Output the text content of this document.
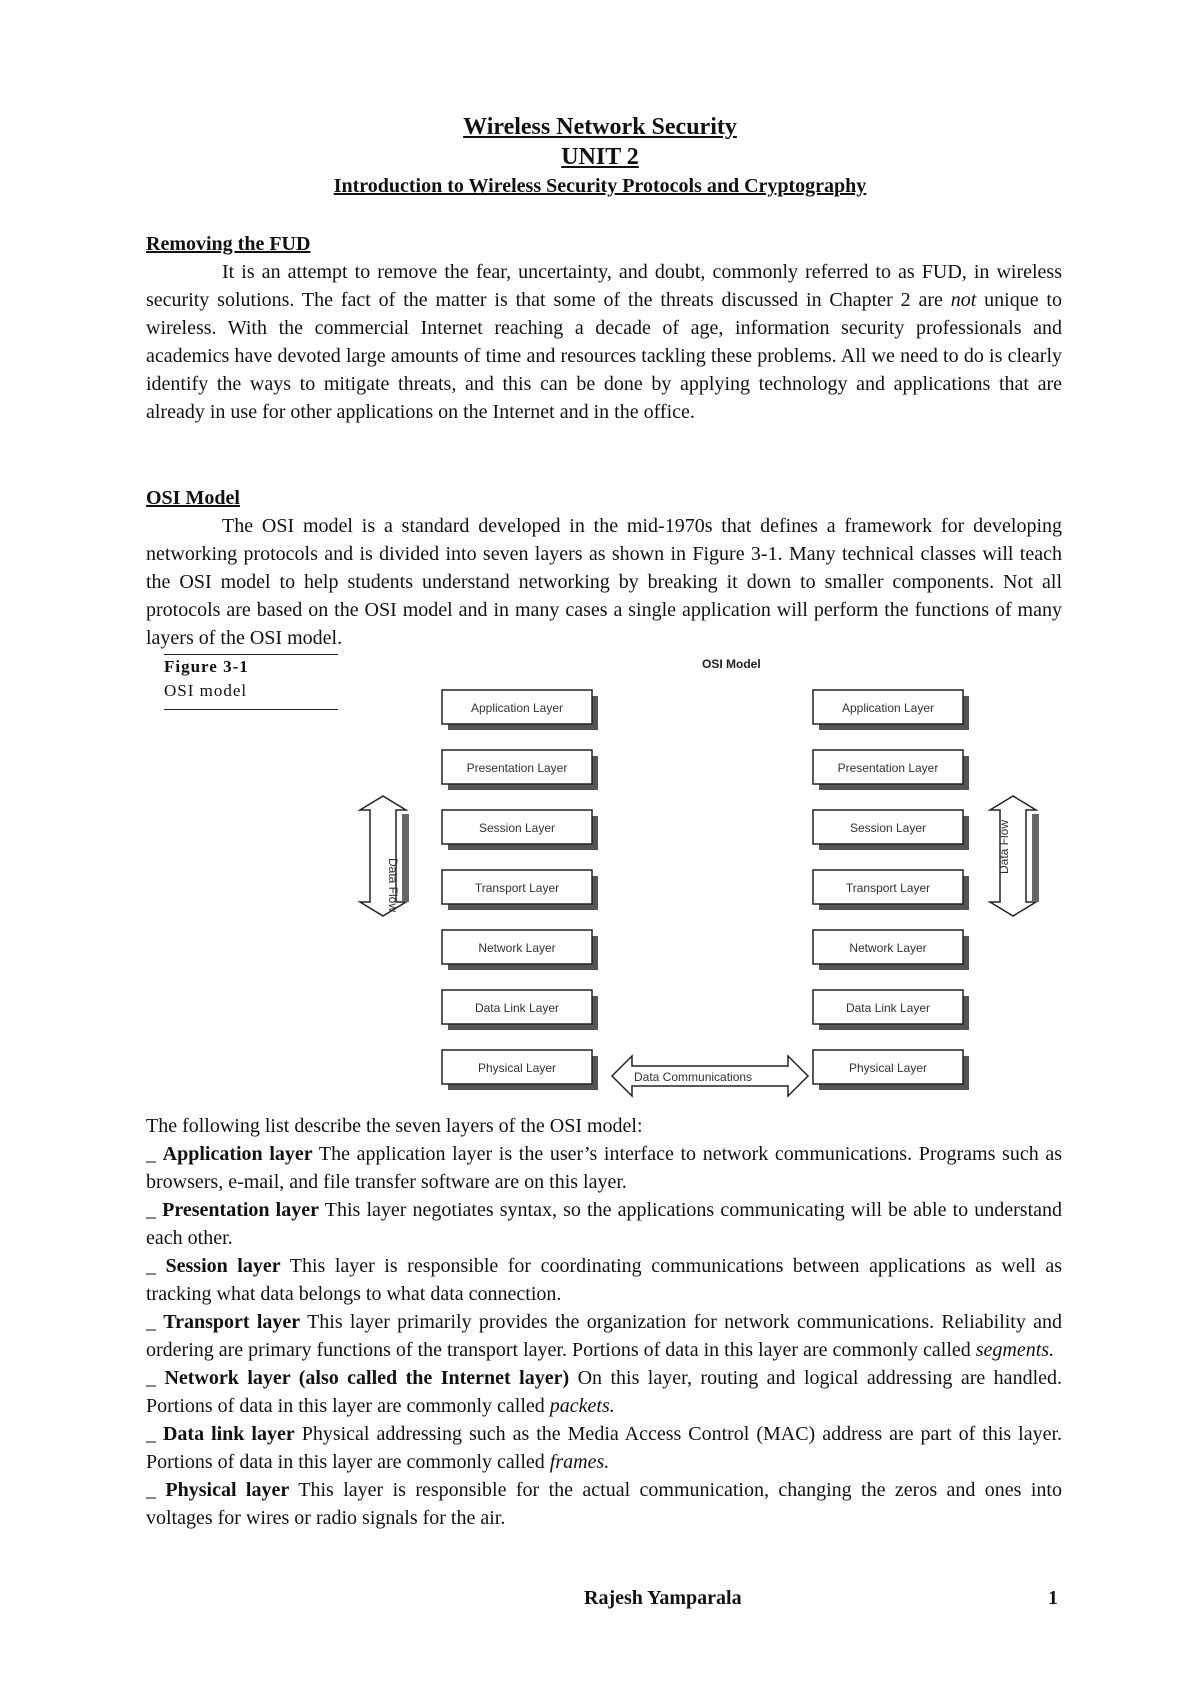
Wireless Network Security
UNIT 2
Introduction to Wireless Security Protocols and Cryptography
Removing the FUD
It is an attempt to remove the fear, uncertainty, and doubt, commonly referred to as FUD, in wireless security solutions. The fact of the matter is that some of the threats discussed in Chapter 2 are not unique to wireless. With the commercial Internet reaching a decade of age, information security professionals and academics have devoted large amounts of time and resources tackling these problems. All we need to do is clearly identify the ways to mitigate threats, and this can be done by applying technology and applications that are already in use for other applications on the Internet and in the office.
OSI Model
The OSI model is a standard developed in the mid-1970s that defines a framework for developing networking protocols and is divided into seven layers as shown in Figure 3-1. Many technical classes will teach the OSI model to help students understand networking by breaking it down to smaller components. Not all protocols are based on the OSI model and in many cases a single application will perform the functions of many layers of the OSI model.
Figure 3-1
OSI model
OSI Model
Application Layer
Presentation Layer
Session Layer
Transport Layer
Network Layer
Data Link Layer
Physical Layer
Application Layer
Presentation Layer
Session Layer
Transport Layer
Network Layer
Data Link Layer
Physical Layer
Data Flow
Data Flow
Data Communications
The following list describe the seven layers of the OSI model:
_ Application layer The application layer is the user’s interface to network communications. Programs such as browsers, e-mail, and file transfer software are on this layer.
_ Presentation layer This layer negotiates syntax, so the applications communicating will be able to understand each other.
_ Session layer This layer is responsible for coordinating communications between applications as well as tracking what data belongs to what data connection.
_ Transport layer This layer primarily provides the organization for network communications. Reliability and ordering are primary functions of the transport layer. Portions of data in this layer are commonly called segments.
_ Network layer (also called the Internet layer) On this layer, routing and logical addressing are handled. Portions of data in this layer are commonly called packets.
_ Data link layer Physical addressing such as the Media Access Control (MAC) address are part of this layer. Portions of data in this layer are commonly called frames.
_ Physical layer This layer is responsible for the actual communication, changing the zeros and ones into voltages for wires or radio signals for the air.
Rajesh Yamparala	1
